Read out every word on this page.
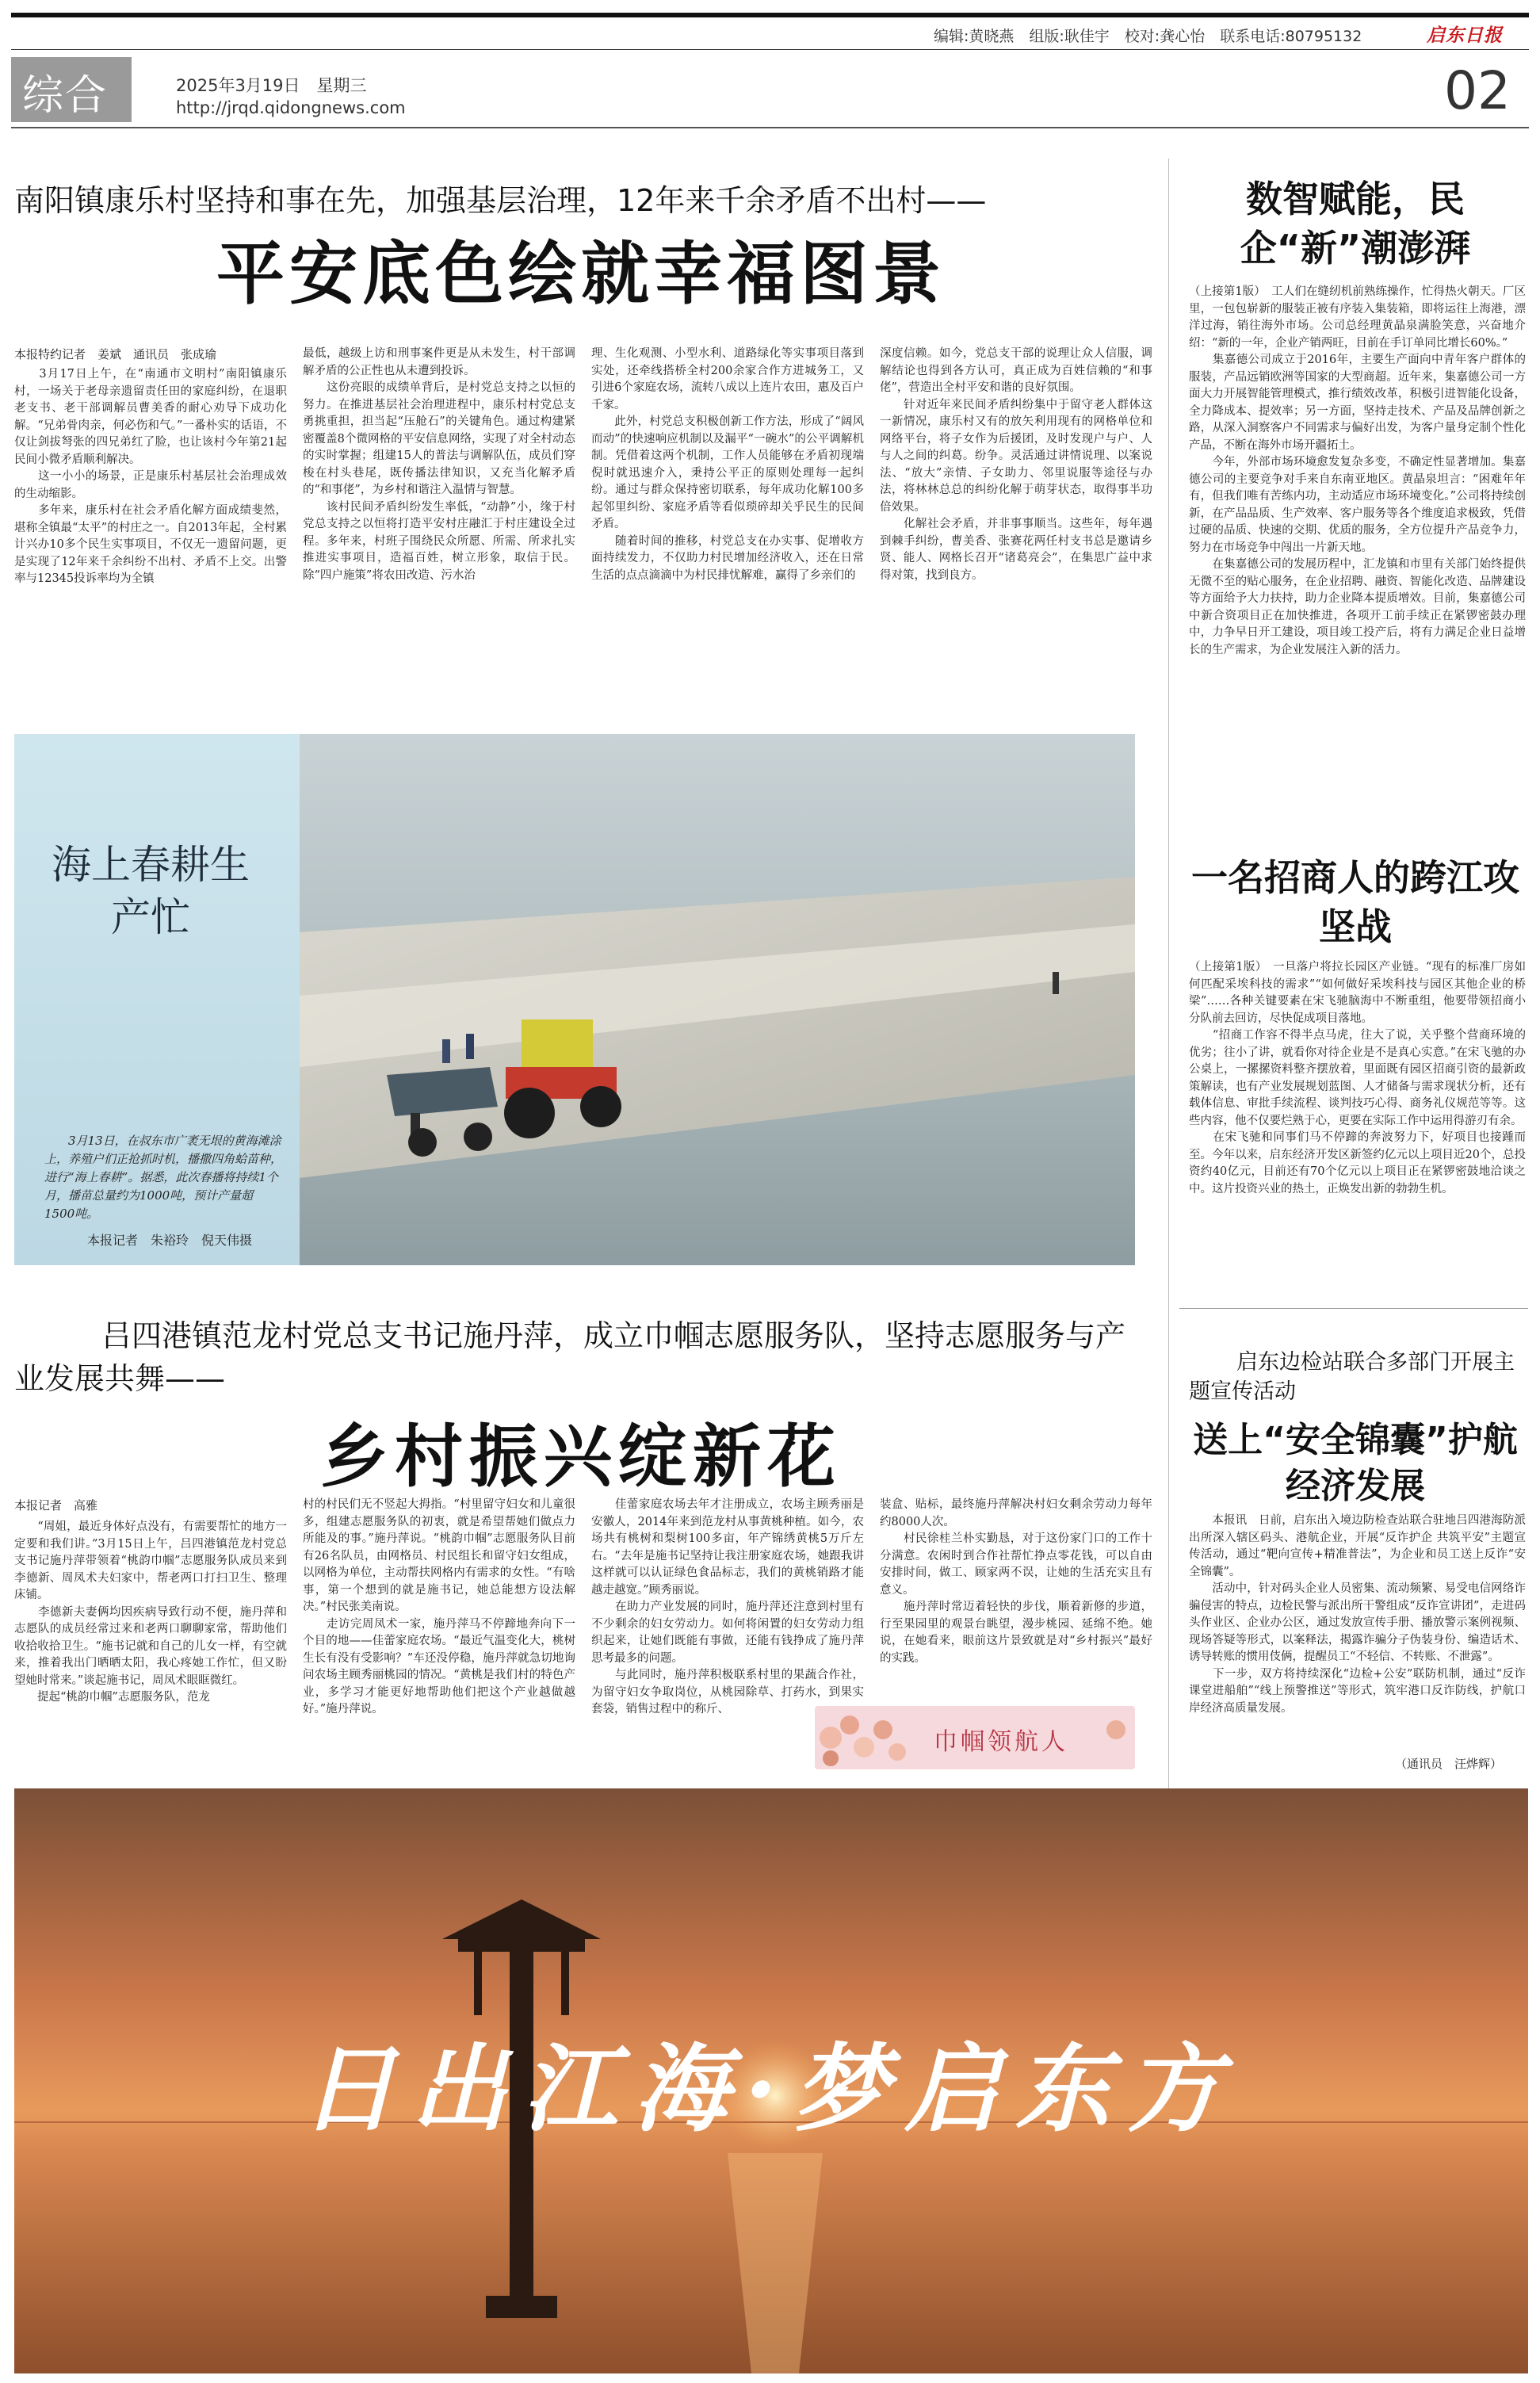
编辑:黄晓燕　组版:耿佳宇　校对:龚心怡　联系电话:80795132	启东日报
综合	2025年3月19日　星期三
http://jrqd.qidongnews.com	02
南阳镇康乐村坚持和事在先，加强基层治理，12年来千余矛盾不出村——
平安底色绘就幸福图景
本报特约记者　姜斌　通讯员　张成瑜
　　3月17日上午，在“南通市文明村”南阳镇康乐村，一场关于老母亲遗留责任田的家庭纠纷，在退职老支书、老干部调解员曹美香的耐心劝导下成功化解。“兄弟骨肉亲，何必伤和气。”一番朴实的话语，不仅让剑拔弩张的四兄弟红了脸，也让该村今年第21起民间小微矛盾顺利解决。
　　这一小小的场景，正是康乐村基层社会治理成效的生动缩影。
　　多年来，康乐村在社会矛盾化解方面成绩斐然，堪称全镇最“太平”的村庄之一。自2013年起，全村累计兴办10多个民生实事项目，不仅无一遗留问题，更是实现了12年来千余纠纷不出村、矛盾不上交。出警率与12345投诉率均为全镇
最低，越级上访和刑事案件更是从未发生，村干部调解矛盾的公正性也从未遭到投诉。
　　这份亮眼的成绩单背后，是村党总支持之以恒的努力。在推进基层社会治理进程中，康乐村村党总支勇挑重担，担当起“压舱石”的关键角色。通过构建紧密覆盖8个微网格的平安信息网络，实现了对全村动态的实时掌握；组建15人的普法与调解队伍，成员们穿梭在村头巷尾，既传播法律知识，又充当化解矛盾的“和事佬”，为乡村和谐注入温情与智慧。
　　该村民间矛盾纠纷发生率低，“动静”小，缘于村党总支持之以恒将打造平安村庄融汇于村庄建设全过程。多年来，村班子围绕民众所愿、所需、所求扎实推进实事项目，造福百姓，树立形象，取信于民。除“四户施策”将农田改造、污水治
理、生化观测、小型水利、道路绿化等实事项目落到实处，还牵线搭桥全村200余家合作方进城务工，又引进6个家庭农场，流转八成以上连片农田，惠及百户千家。
　　此外，村党总支积极创新工作方法，形成了“阔风而动”的快速响应机制以及漏平“一碗水”的公平调解机制。凭借着这两个机制，工作人员能够在矛盾初现端倪时就迅速介入，秉持公平正的原则处理每一起纠纷。通过与群众保持密切联系，每年成功化解100多起邻里纠纷、家庭矛盾等看似琐碎却关乎民生的民间矛盾。
　　随着时间的推移，村党总支在办实事、促增收方面持续发力，不仅助力村民增加经济收入，还在日常生活的点点滴滴中为村民排忧解难，赢得了乡亲们的
深度信赖。如今，党总支干部的说理让众人信服，调解结论也得到各方认可，真正成为百姓信赖的“和事佬”，营造出全村平安和谐的良好氛围。
　　针对近年来民间矛盾纠纷集中于留守老人群体这一新情况，康乐村又有的放矢利用现有的网格单位和网络平台，将子女作为后援团，及时发现户与户、人与人之间的纠葛。纷争。灵活通过讲情说理、以案说法、“放大”亲情、子女助力、邻里说服等途径与办法，将林林总总的纠纷化解于萌芽状态，取得事半功倍效果。
　　化解社会矛盾，并非事事顺当。这些年，每年遇到棘手纠纷，曹美香、张赛花两任村支书总是邀请乡贤、能人、网格长召开“诸葛亮会”，在集思广益中求得对策，找到良方。
数智赋能，民企“新”潮澎湃
（上接第1版）　工人们在缝纫机前熟练操作，忙得热火朝天。厂区里，一包包崭新的服装正被有序装入集装箱，即将运往上海港，漂洋过海，销往海外市场。公司总经理黄晶泉满脸笑意，兴奋地介绍：“新的一年，企业产销两旺，目前在手订单同比增长60%。”
　　集嘉德公司成立于2016年，主要生产面向中青年客户群体的服装，产品远销欧洲等国家的大型商超。近年来，集嘉德公司一方面大力开展智能管理模式，推行绩效改革，积极引进智能化设备，全力降成本、提效率；另一方面，坚持走技术、产品及品牌创新之路，从深入洞察客户不同需求与偏好出发，为客户量身定制个性化产品，不断在海外市场开疆拓土。
　　今年，外部市场环境愈发复杂多变，不确定性显著增加。集嘉德公司的主要竞争对手来自东南亚地区。黄晶泉坦言：“困难年年有，但我们唯有苦练内功，主动适应市场环境变化。”公司将持续创新，在产品品质、生产效率、客户服务等各个维度追求极致，凭借过硬的品质、快速的交期、优质的服务，全方位提升产品竞争力，努力在市场竞争中闯出一片新天地。
　　在集嘉德公司的发展历程中，汇龙镇和市里有关部门始终提供无微不至的贴心服务，在企业招聘、融资、智能化改造、品牌建设等方面给予大力扶持，助力企业降本提质增效。目前，集嘉德公司中新合资项目正在加快推进，各项开工前手续正在紧锣密鼓办理中，力争早日开工建设，项目竣工投产后，将有力满足企业日益增长的生产需求，为企业发展注入新的活力。
海上春耕生产忙
　　3月13日，在叔东市广袤无垠的黄海滩涂上，养殖户们正抢抓时机，播撒四角蛤苗种，进行“海上春耕”。据悉，此次春播将持续1个月，播苗总量约为1000吨，预计产量超1500吨。
本报记者　朱裕玲　倪天伟摄
一名招商人的跨江攻坚战
（上接第1版）　一旦落户将拉长园区产业链。“现有的标准厂房如何匹配采埃科技的需求”“如何做好采埃科技与园区其他企业的桥梁”……各种关键要素在宋飞驰脑海中不断重组，他要带领招商小分队前去回访，尽快促成项目落地。
　　“招商工作容不得半点马虎，往大了说，关乎整个营商环境的优劣；往小了讲，就看你对待企业是不是真心实意。”在宋飞驰的办公桌上，一摞摞资料整齐摆放着，里面既有园区招商引资的最新政策解读，也有产业发展规划蓝图、人才储备与需求现状分析，还有载体信息、审批手续流程、谈判技巧心得、商务礼仪规范等等。这些内容，他不仅要烂熟于心，更要在实际工作中运用得游刃有余。
　　在宋飞驰和同事们马不停蹄的奔波努力下，好项目也接踵而至。今年以来，启东经济开发区新签约亿元以上项目近20个，总投资约40亿元，目前还有70个亿元以上项目正在紧锣密鼓地洽谈之中。这片投资兴业的热土，正焕发出新的勃勃生机。
吕四港镇范龙村党总支书记施丹萍，成立巾帼志愿服务队，坚持志愿服务与产业发展共舞——
乡村振兴绽新花
本报记者　高雅
　　“周姐，最近身体好点没有，有需要帮忙的地方一定要和我们讲。”3月15日上午，吕四港镇范龙村党总支书记施丹萍带领着“桃韵巾帼”志愿服务队成员来到李德新、周凤术夫妇家中，帮老两口打扫卫生、整理床铺。
　　李德新夫妻俩均因疾病导致行动不便，施丹萍和志愿队的成员经常过来和老两口聊聊家常，帮助他们收拾收拾卫生。“施书记就和自己的儿女一样，有空就来，推着我出门晒晒太阳，我心疼她工作忙，但又盼望她时常来。”谈起施书记，周凤术眼眶微红。
　　提起“桃韵巾帼”志愿服务队，范龙
村的村民们无不竖起大拇指。“村里留守妇女和儿童很多，组建志愿服务队的初衷，就是希望帮她们做点力所能及的事。”施丹萍说。“桃韵巾帼”志愿服务队目前有26名队员，由网格员、村民组长和留守妇女组成，以网格为单位，主动帮扶网格内有需求的女性。“有啥事，第一个想到的就是施书记，她总能想方设法解决。”村民张美南说。
　　走访完周凤术一家，施丹萍马不停蹄地奔向下一个目的地——佳蕾家庭农场。“最近气温变化大，桃树生长有没有受影响？”车还没停稳，施丹萍就急切地询问农场主顾秀丽桃园的情况。“黄桃是我们村的特色产业，多学习才能更好地帮助他们把这个产业越做越好。”施丹萍说。
　　佳蕾家庭农场去年才注册成立，农场主顾秀丽是安徽人，2014年来到范龙村从事黄桃种植。如今，农场共有桃树和梨树100多亩，年产锦绣黄桃5万斤左右。“去年是施书记坚持让我注册家庭农场，她跟我讲这样就可以认证绿色食品标志，我们的黄桃销路才能越走越宽。”顾秀丽说。
　　在助力产业发展的同时，施丹萍还注意到村里有不少剩余的妇女劳动力。如何将闲置的妇女劳动力组织起来，让她们既能有事做，还能有钱挣成了施丹萍思考最多的问题。
　　与此同时，施丹萍积极联系村里的果蔬合作社，为留守妇女争取岗位，从桃园除草、打药水，到果实套袋，销售过程中的称斤、
装盒、贴标，最终施丹萍解决村妇女剩余劳动力每年约8000人次。
　　村民徐桂兰朴实勤恳，对于这份家门口的工作十分满意。农闲时到合作社帮忙挣点零花钱，可以自由安排时间，做工、顾家两不误，让她的生活充实且有意义。
　　施丹萍时常迈着轻快的步伐，顺着新修的步道，行至果园里的观景台眺望，漫步桃园、延绵不绝。她说，在她看来，眼前这片景致就是对“乡村振兴”最好的实践。
巾帼领航人
启东边检站联合多部门开展主题宣传活动
送上“安全锦囊”护航经济发展
　　本报讯　日前，启东出入境边防检查站联合驻地吕四港海防派出所深入辖区码头、港航企业，开展“反诈护企 共筑平安”主题宣传活动，通过“靶向宣传+精准普法”，为企业和员工送上反诈“安全锦囊”。
　　活动中，针对码头企业人员密集、流动频繁、易受电信网络诈骗侵害的特点，边检民警与派出所干警组成“反诈宣讲团”，走进码头作业区、企业办公区，通过发放宣传手册、播放警示案例视频、现场答疑等形式，以案释法，揭露诈骗分子伪装身份、编造话术、诱导转账的惯用伎俩，提醒员工“不轻信、不转账、不泄露”。
　　下一步，双方将持续深化“边检+公安”联防机制，通过“反诈课堂进船舶”“线上预警推送”等形式，筑牢港口反诈防线，护航口岸经济高质量发展。
（通讯员　汪烨辉）
日出江海·梦启东方
